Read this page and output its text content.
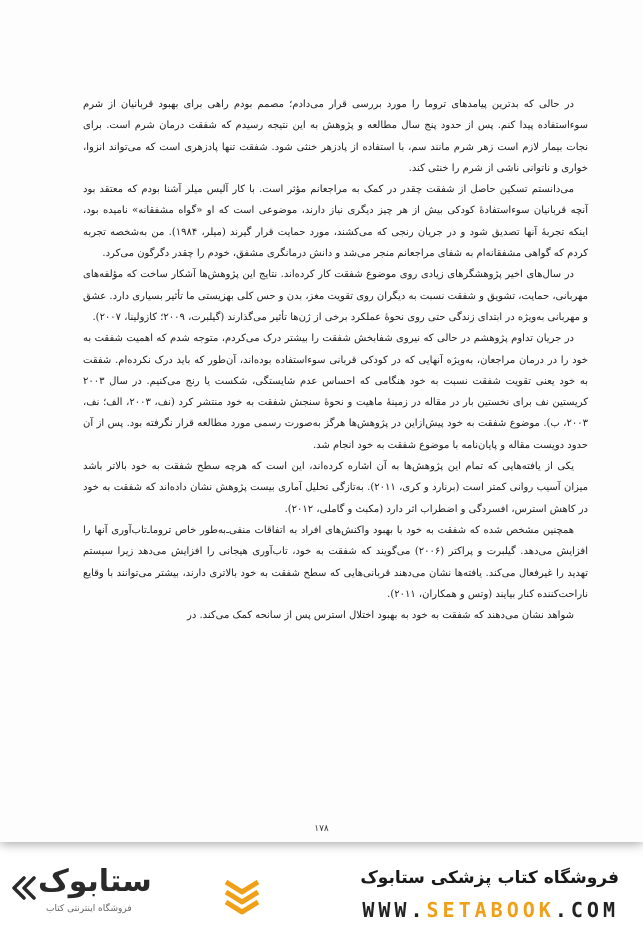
در حالی که بدترین پیامدهای تروما را مورد بررسی قرار می‌دادم؛ مصمم بودم راهی برای بهبود قربانیان از شرم سوءاستفاده پیدا کنم. پس از حدود پنج سال مطالعه و پژوهش به این نتیجه رسیدم که شفقت درمان شرم است. برای نجات بیمار لازم است زهر شرم مانند سم، با استفاده از پادزهر خنثی شود. شفقت تنها پادزهری است که می‌تواند انزوا، خواری و ناتوانی ناشی از شرم را خنثی کند.

می‌دانستم تسکین حاصل از شفقت چقدر در کمک به مراجعانم مؤثر است. با کار آلیس میلر آشنا بودم که معتقد بود آنچه قربانیان سوءاستفادهٔ کودکی بیش از هر چیز دیگری نیاز دارند، موضوعی است که او «گواه مشفقانه» نامیده بود، اینکه تجربهٔ آنها تصدیق شود و در جریان رنجی که می‌کشند، مورد حمایت قرار گیرند (میلر، ۱۹۸۴). من بەشخصه تجربه کردم که گواهی مشفقانه‌ام به شفای مراجعانم منجر می‌شد و دانش درمانگری مشفق، خودم را چقدر دگرگون می‌کرد.

در سال‌های اخیر پژوهشگرهای زیادی روی موضوع شفقت کار کرده‌اند. نتایج این پژوهش‌ها آشکار ساخت که مؤلفه‌های مهربانی، حمایت، تشویق و شفقت نسبت به دیگران روی تقویت مغز، بدن و حس کلی بهزیستی ما تأثیر بسیاری دارد. عشق و مهربانی بەویژه در ابتدای زندگی حتی روی نحوهٔ عملکرد برخی از ژن‌ها تأثیر می‌گذارند (گیلبرت، ۲۰۰۹؛ کازولینا، ۲۰۰۷).

در جریان تداوم پژوهشم در حالی که نیروی شفابخش شفقت را بیشتر درک می‌کردم، متوجه شدم که اهمیت شفقت به خود را در درمان مراجعان، بەویژه آنهایی که در کودکی قربانی سوءاستفاده بوده‌اند، آن‌طور که باید درک نکرده‌ام. شفقت به خود یعنی تقویت شفقت نسبت به خود هنگامی که احساس عدم شایستگی، شکست یا رنج می‌کنیم. در سال ۲۰۰۳ کریستین نف برای نخستین بار در مقاله در زمینهٔ ماهیت و نحوهٔ سنجش شفقت به خود منتشر کرد (نف، ۲۰۰۳، الف؛ نف، ۲۰۰۳، ب). موضوع شفقت به خود پیش‌ازاین در پژوهش‌ها هرگز بەصورت رسمی مورد مطالعه قرار نگرفته بود. پس از آن حدود دویست مقاله و پایان‌نامه با موضوع شفقت به خود انجام شد.

یکی از یافته‌هایی که تمام این پژوهش‌ها به آن اشاره کرده‌اند، این است که هرچه سطح شفقت به خود بالاتر باشد میزان آسیب روانی کمتر است (برنارد و کری، ۲۰۱۱). بەتازگی تحلیل آماری بیست پژوهش نشان داده‌اند که شفقت به خود در کاهش استرس، افسردگی و اضطراب اثر دارد (مکبث و گاملی، ۲۰۱۲).

همچنین مشخص شده که شفقت به خود با بهبود واکنش‌های افراد به اتفاقات منفی‌ـ‌به‌طور خاص تروما‌ـ‌تاب‌آوری آنها را افزایش می‌دهد. گیلبرت و پراکتر (۲۰۰۶) می‌گویند که شفقت به خود، تاب‌آوری هیجانی را افزایش می‌دهد زیرا سیستم تهدید را غیرفعال می‌کند. یافته‌ها نشان می‌دهند قربانی‌هایی که سطح شفقت به خود بالاتری دارند، بیشتر می‌توانند با وقایع ناراحت‌کننده کنار بیایند (وتس و همکاران، ۲۰۱۱).

شواهد نشان می‌دهند که شفقت به خود به بهبود اختلال استرس پس از سانحه کمک می‌کند. در

۱۷۸
ستابوک
فروشگاه اینترنتی کتاب
فروشگاه کتاب پزشکی ستابوک
WWW.SETABOOK.COM
